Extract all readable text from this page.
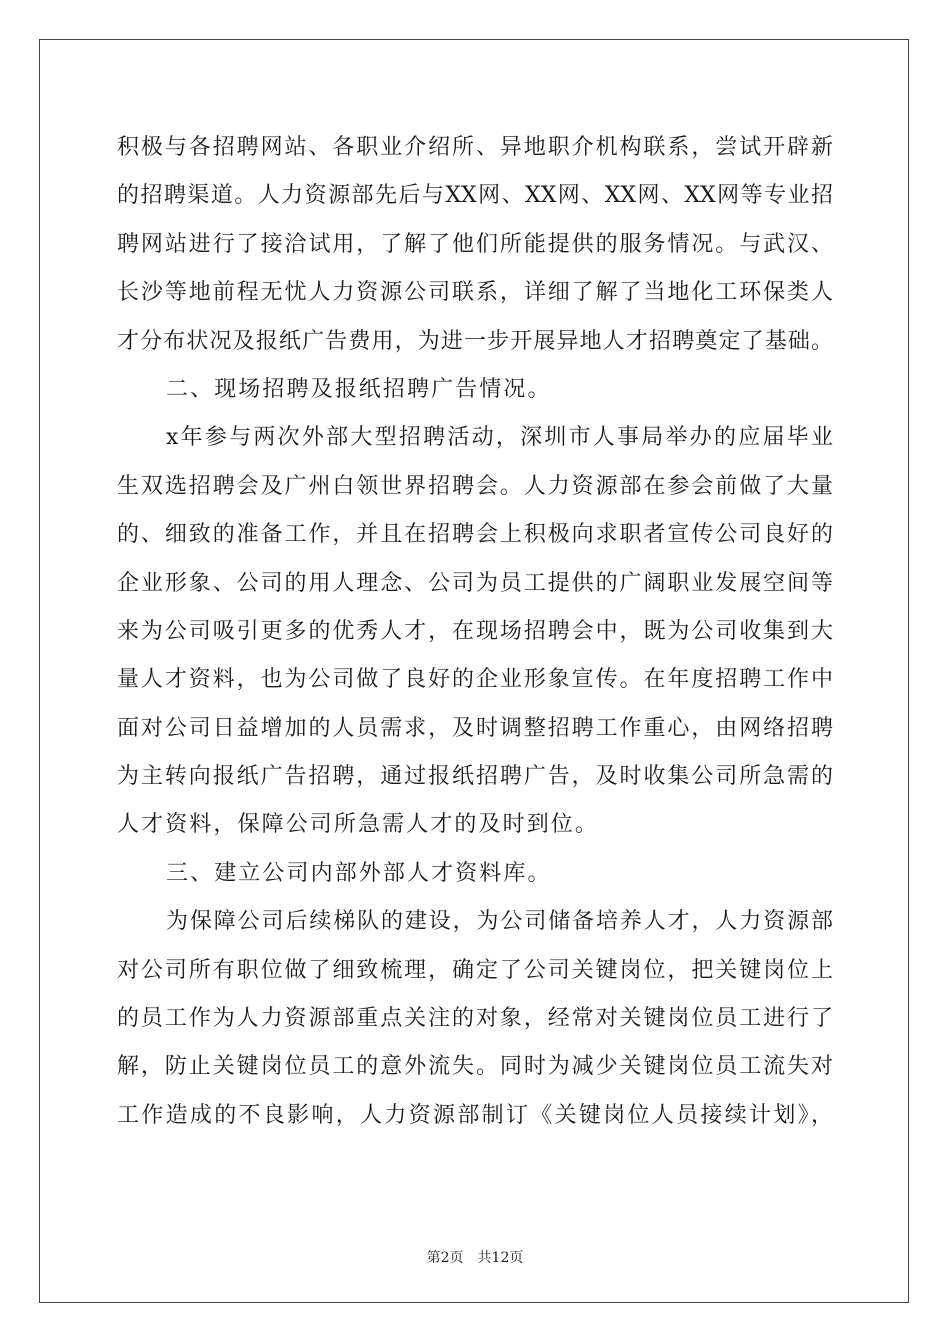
积极与各招聘网站、各职业介绍所、异地职介机构联系，尝试开辟新
的招聘渠道。人力资源部先后与XX网、XX网、XX网、XX网等专业招
聘网站进行了接洽试用，了解了他们所能提供的服务情况。与武汉、
长沙等地前程无忧人力资源公司联系，详细了解了当地化工环保类人
才分布状况及报纸广告费用，为进一步开展异地人才招聘奠定了基础。
二、现场招聘及报纸招聘广告情况。
x年参与两次外部大型招聘活动，深圳市人事局举办的应届毕业
生双选招聘会及广州白领世界招聘会。人力资源部在参会前做了大量
的、细致的准备工作，并且在招聘会上积极向求职者宣传公司良好的
企业形象、公司的用人理念、公司为员工提供的广阔职业发展空间等
来为公司吸引更多的优秀人才，在现场招聘会中，既为公司收集到大
量人才资料，也为公司做了良好的企业形象宣传。在年度招聘工作中
面对公司日益增加的人员需求，及时调整招聘工作重心，由网络招聘
为主转向报纸广告招聘，通过报纸招聘广告，及时收集公司所急需的
人才资料，保障公司所急需人才的及时到位。
三、建立公司内部外部人才资料库。
为保障公司后续梯队的建设，为公司储备培养人才，人力资源部
对公司所有职位做了细致梳理，确定了公司关键岗位，把关键岗位上
的员工作为人力资源部重点关注的对象，经常对关键岗位员工进行了
解，防止关键岗位员工的意外流失。同时为减少关键岗位员工流失对
工作造成的不良影响，人力资源部制订《关键岗位人员接续计划》，
第2页　共12页
